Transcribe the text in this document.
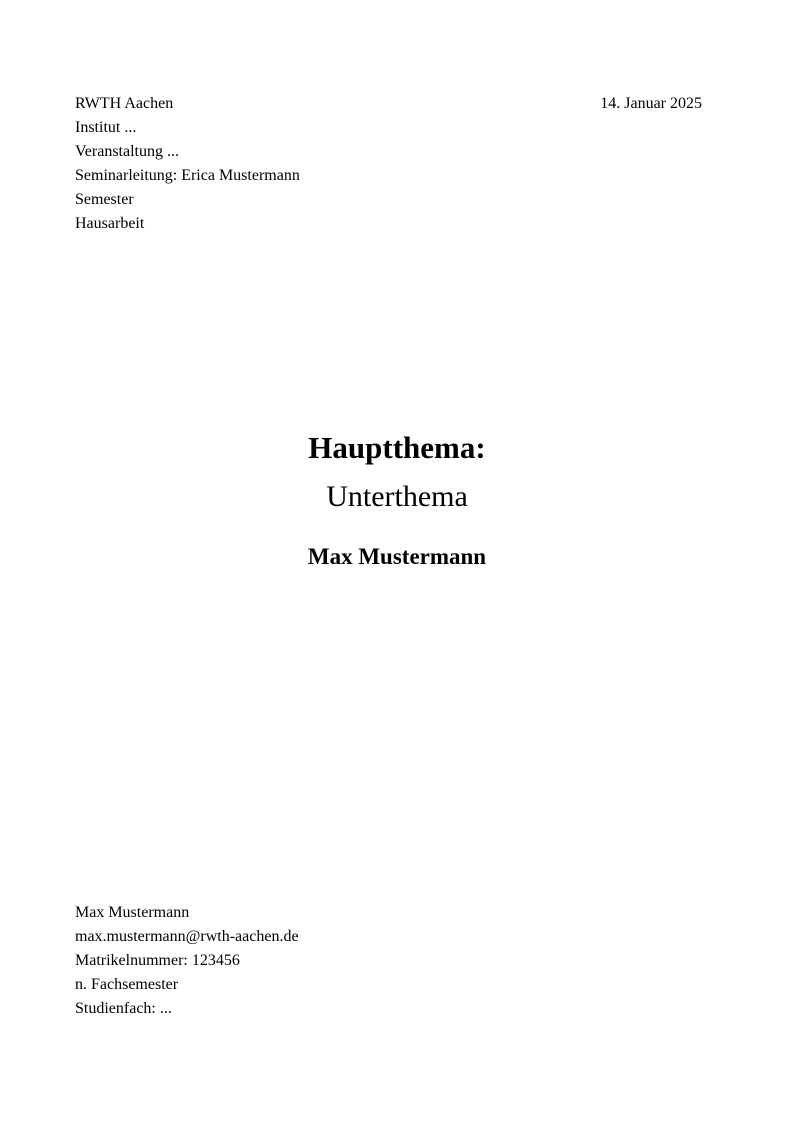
RWTH Aachen
Institut ...
Veranstaltung ...
Seminarleitung: Erica Mustermann
Semester
Hausarbeit
14. Januar 2025
Hauptthema:
Unterthema
Max Mustermann
Max Mustermann
max.mustermann@rwth-aachen.de
Matrikelnummer: 123456
n. Fachsemester
Studienfach: ...
